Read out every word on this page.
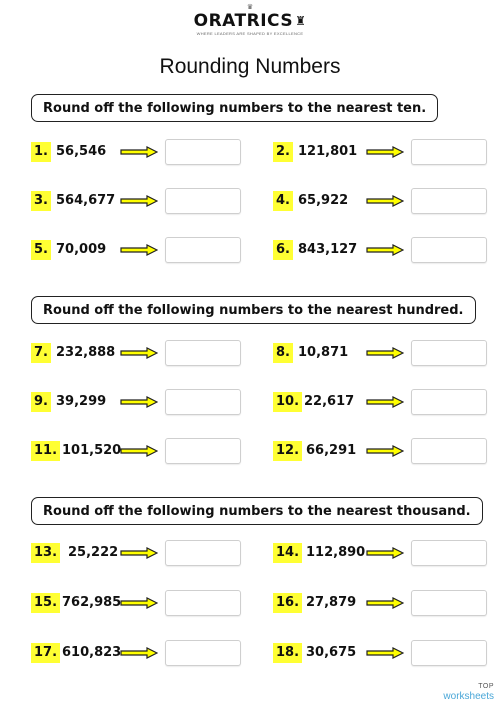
♛
ORATRICS ♜
WHERE LEADERS ARE SHAPED BY EXCELLENCE
Rounding Numbers
Round off the following numbers to the nearest ten.
1. 56,546	2. 121,801
3. 564,677	4. 65,922
5. 70,009	6. 843,127
Round off the following numbers to the nearest hundred.
7. 232,888	8. 10,871
9. 39,299	10. 22,617
11. 101,520	12. 66,291
Round off the following numbers to the nearest thousand.
13. 25,222	14. 112,890
15. 762,985	16. 27,879
17. 610,823	18. 30,675
TOP
worksheets
